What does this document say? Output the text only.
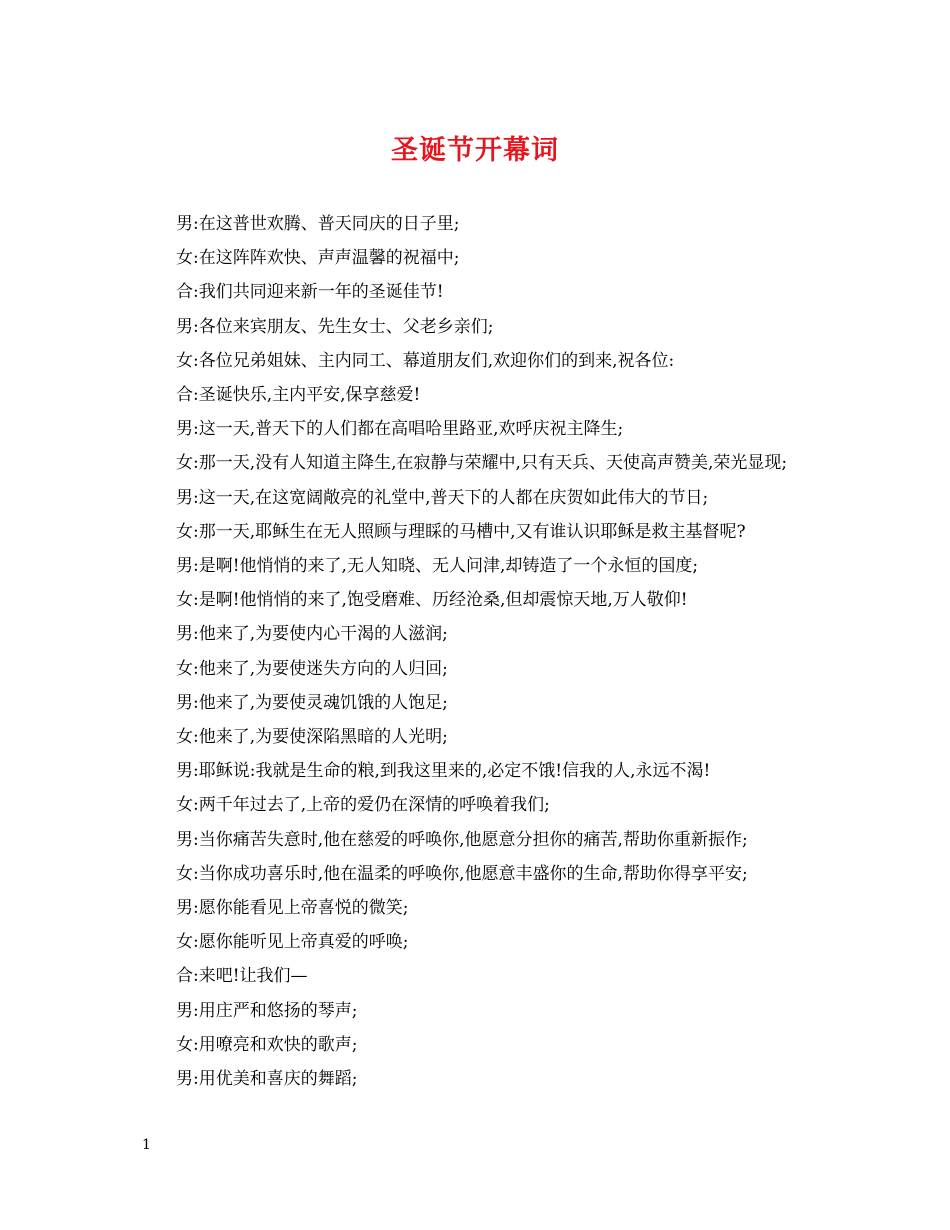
圣诞节开幕词

男:在这普世欢腾、普天同庆的日子里;

女:在这阵阵欢快、声声温馨的祝福中;

合:我们共同迎来新一年的圣诞佳节!

男:各位来宾朋友、先生女士、父老乡亲们;

女:各位兄弟姐妹、主内同工、幕道朋友们,欢迎你们的到来,祝各位:

合:圣诞快乐,主内平安,保享慈爱!

男:这一天,普天下的人们都在高唱哈里路亚,欢呼庆祝主降生;

女:那一天,没有人知道主降生,在寂静与荣耀中,只有天兵、天使高声赞美,荣光显现;

男:这一天,在这宽阔敞亮的礼堂中,普天下的人都在庆贺如此伟大的节日;

女:那一天,耶稣生在无人照顾与理睬的马槽中,又有谁认识耶稣是救主基督呢?

男:是啊!他悄悄的来了,无人知晓、无人问津,却铸造了一个永恒的国度;

女:是啊!他悄悄的来了,饱受磨难、历经沧桑,但却震惊天地,万人敬仰!

男:他来了,为要使内心干渴的人滋润;

女:他来了,为要使迷失方向的人归回;

男:他来了,为要使灵魂饥饿的人饱足;

女:他来了,为要使深陷黑暗的人光明;

男:耶稣说:我就是生命的粮,到我这里来的,必定不饿!信我的人,永远不渴!

女:两千年过去了,上帝的爱仍在深情的呼唤着我们;

男:当你痛苦失意时,他在慈爱的呼唤你,他愿意分担你的痛苦,帮助你重新振作;

女:当你成功喜乐时,他在温柔的呼唤你,他愿意丰盛你的生命,帮助你得享平安;

男:愿你能看见上帝喜悦的微笑;

女:愿你能听见上帝真爱的呼唤;

合:来吧!让我们—

男:用庄严和悠扬的琴声;

女:用嘹亮和欢快的歌声;

男:用优美和喜庆的舞蹈;

1
